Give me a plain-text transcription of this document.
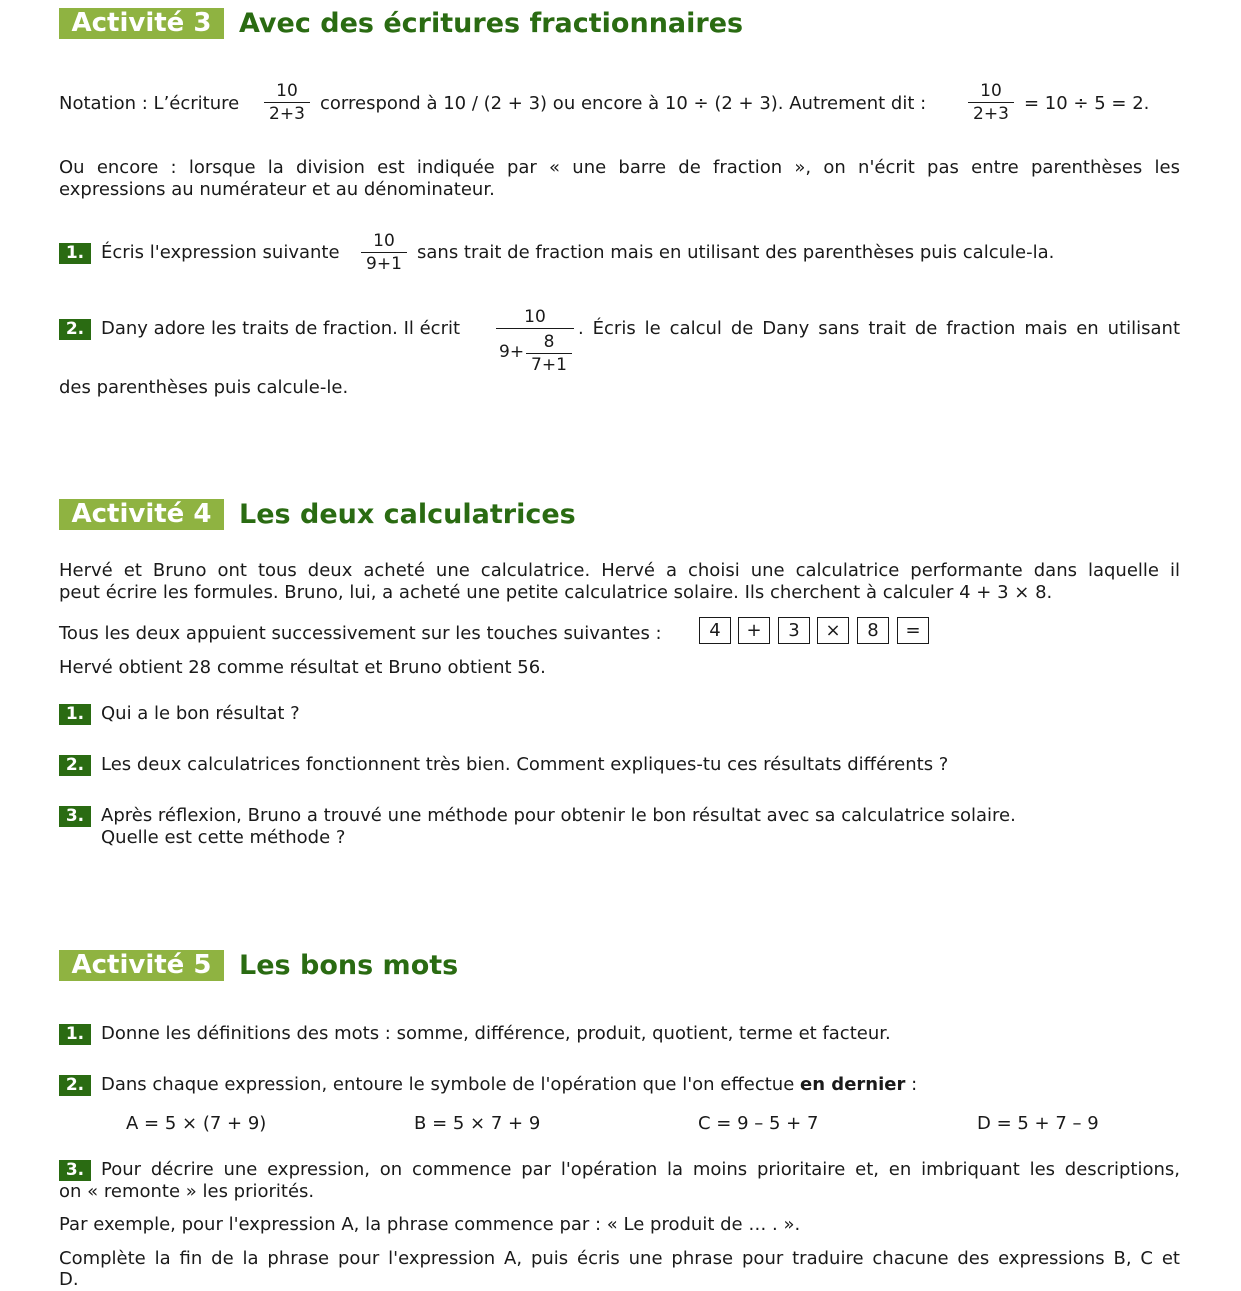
Activité 3	Avec des écritures fractionnaires
Notation : L’écriture
10
2+3 correspond à 10 / (2 + 3) ou encore à 10 ÷ (2 + 3). Autrement dit :
10
2+3 = 10 ÷ 5 = 2.
Ou encore : lorsque la division est indiquée par « une barre de fraction », on n'écrit pas entre parenthèses les
expressions au numérateur et au dénominateur.
1. Écris l'expression suivante
10
9+1
sans trait de fraction mais en utilisant des parenthèses puis calcule-la.
2. Dany adore les traits de fraction. Il écrit
10
9+	8
7+1
. Écris le calcul de Dany sans trait de fraction mais en utilisant
des parenthèses puis calcule-le.
Activité 4	Les deux calculatrices
Hervé et Bruno ont tous deux acheté une calculatrice. Hervé a choisi une calculatrice performante dans laquelle il
peut écrire les formules. Bruno, lui, a acheté une petite calculatrice solaire. Ils cherchent à calculer 4 + 3 × 8.
Tous les deux appuient successivement sur les touches suivantes :	4	+	3	×	8	=
Hervé obtient 28 comme résultat et Bruno obtient 56.
1. Qui a le bon résultat ?
2. Les deux calculatrices fonctionnent très bien. Comment expliques-tu ces résultats différents ?
3. Après réflexion, Bruno a trouvé une méthode pour obtenir le bon résultat avec sa calculatrice solaire.
Quelle est cette méthode ?
Activité 5	Les bons mots
1. Donne les définitions des mots : somme, différence, produit, quotient, terme et facteur.
2. Dans chaque expression, entoure le symbole de l'opération que l'on effectue en dernier :
A = 5 × (7 + 9)	B = 5 × 7 + 9	C = 9 – 5 + 7	D = 5 + 7 – 9
3. Pour décrire une expression, on commence par l'opération la moins prioritaire et, en imbriquant les descriptions,
on « remonte » les priorités.
Par exemple, pour l'expression A, la phrase commence par : « Le produit de … . ».
Complète la fin de la phrase pour l'expression A, puis écris une phrase pour traduire chacune des expressions B, C et
D.
